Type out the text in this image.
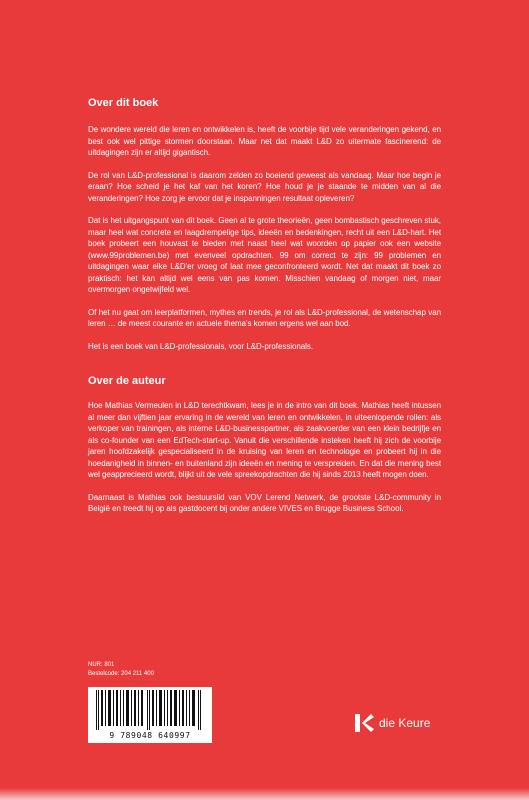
Over dit boek

De wondere wereld die leren en ontwikkelen is, heeft de voorbije tijd vele veranderingen gekend, en best ook wel pittige stormen doorstaan. Maar net dat maakt L&D zo uitermate fascinerend: de uitdagingen zijn er altijd gigantisch.

De rol van L&D-professional is daarom zelden zo boeiend geweest als vandaag. Maar hoe begin je eraan? Hoe scheid je het kaf van het koren? Hoe houd je je staande te midden van al die veranderingen? Hoe zorg je ervoor dat je inspanningen resultaat opleveren?

Dat is het uitgangspunt van dit boek. Geen al te grote theorieën, geen bombastisch geschreven stuk, maar heel wat concrete en laagdrempelige tips, ideeën en bedenkingen, recht uit een L&D-hart. Het boek probeert een houvast te bieden met naast heel wat woorden op papier ook een website (www.99problemen.be) met evenveel opdrachten. 99 om correct te zijn: 99 problemen en uitdagingen waar elke L&D'er vroeg of laat mee geconfronteerd wordt. Net dat maakt dit boek zo praktisch: het kan altijd wel eens van pas komen. Misschien vandaag of morgen niet, maar overmorgen ongetwijfeld wel.

Of het nu gaat om leerplatformen, mythes en trends, je rol als L&D-professional, de wetenschap van leren … de meest courante en actuele thema's komen ergens wel aan bod.

Het is een boek van L&D-professionals, voor L&D-professionals.

Over de auteur

Hoe Mathias Vermeulen in L&D terechtkwam, lees je in de intro van dit boek. Mathias heeft intussen al meer dan vijftien jaar ervaring in de wereld van leren en ontwikkelen, in uiteenlopende rollen: als verkoper van trainingen, als interne L&D-businesspartner, als zaakvoerder van een klein bedrijfje en als co-founder van een EdTech-start-up. Vanuit die verschillende insteken heeft hij zich de voorbije jaren hoofdzakelijk gespecialiseerd in de kruising van leren en technologie en probeert hij in die hoedanigheid in binnen- en buitenland zijn ideeën en mening te verspreiden. En dat die mening best wel geapprecieerd wordt, blijkt uit de vele spreekopdrachten die hij sinds 2013 heeft mogen doen.

Daarnaast is Mathias ook bestuurslid van VOV Lerend Netwerk, de grootste L&D-community in België en treedt hij op als gastdocent bij onder andere VIVES en Brugge Business School.

NUR: 801
Bestelcode: 204 211 400
9 789048 640997
die Keure
